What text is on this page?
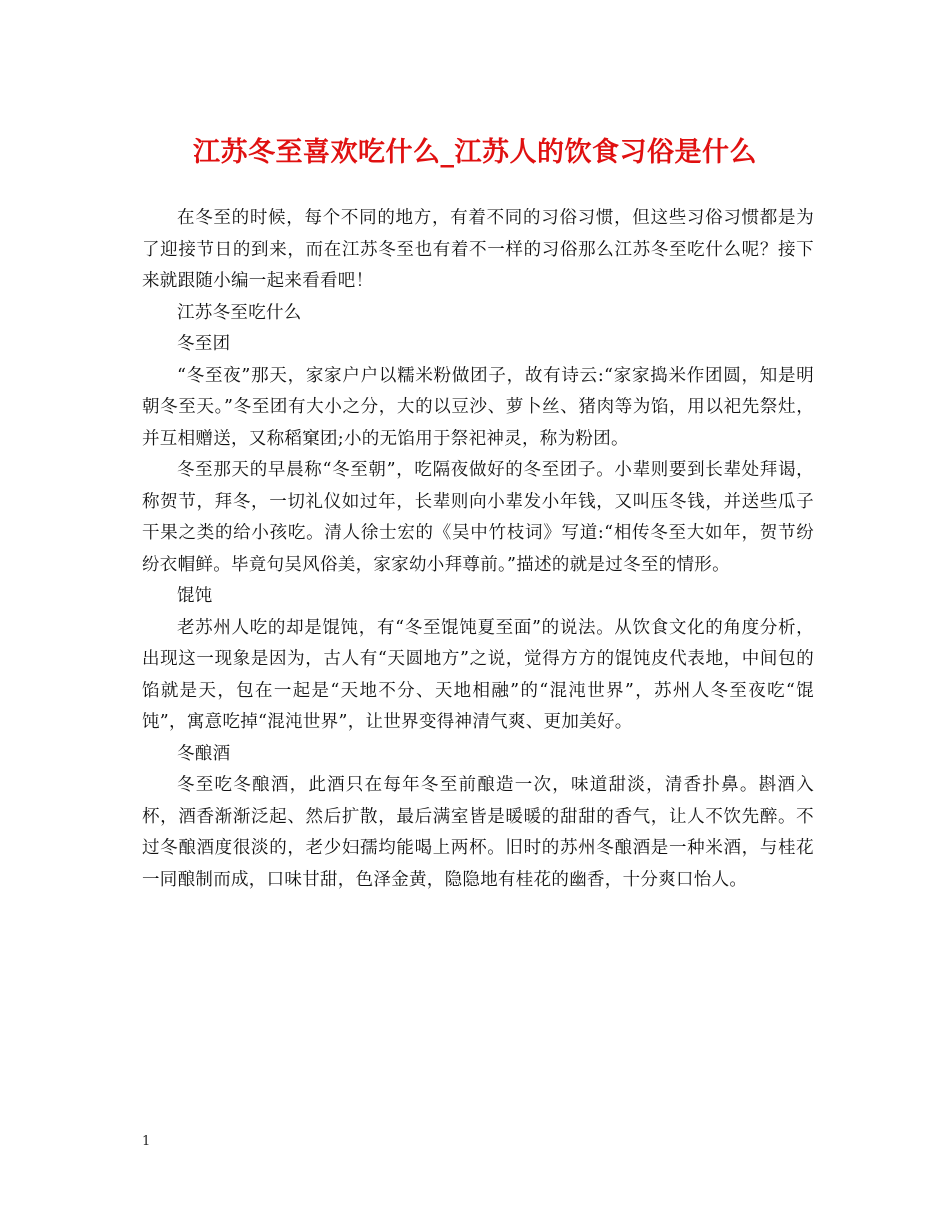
江苏冬至喜欢吃什么_江苏人的饮食习俗是什么

在冬至的时候，每个不同的地方，有着不同的习俗习惯，但这些习俗习惯都是为了迎接节日的到来，而在江苏冬至也有着不一样的习俗那么江苏冬至吃什么呢？接下来就跟随小编一起来看看吧！

江苏冬至吃什么

冬至团

“冬至夜”那天，家家户户以糯米粉做团子，故有诗云:“家家捣米作团圆，知是明朝冬至天。”冬至团有大小之分，大的以豆沙、萝卜丝、猪肉等为馅，用以祀先祭灶，并互相赠送，又称稻窠团;小的无馅用于祭祀神灵，称为粉团。

冬至那天的早晨称“冬至朝”，吃隔夜做好的冬至团子。小辈则要到长辈处拜谒，称贺节，拜冬，一切礼仪如过年，长辈则向小辈发小年钱，又叫压冬钱，并送些瓜子干果之类的给小孩吃。清人徐士宏的《吴中竹枝词》写道:“相传冬至大如年，贺节纷纷衣帽鲜。毕竟句吴风俗美，家家幼小拜尊前。”描述的就是过冬至的情形。

馄饨

老苏州人吃的却是馄饨，有“冬至馄饨夏至面”的说法。从饮食文化的角度分析，出现这一现象是因为，古人有“天圆地方”之说，觉得方方的馄饨皮代表地，中间包的馅就是天，包在一起是“天地不分、天地相融”的“混沌世界”，苏州人冬至夜吃“馄饨”，寓意吃掉“混沌世界”，让世界变得神清气爽、更加美好。

冬酿酒

冬至吃冬酿酒，此酒只在每年冬至前酿造一次，味道甜淡，清香扑鼻。斟酒入杯，酒香渐渐泛起、然后扩散，最后满室皆是暖暖的甜甜的香气，让人不饮先醉。不过冬酿酒度很淡的，老少妇孺均能喝上两杯。旧时的苏州冬酿酒是一种米酒，与桂花一同酿制而成，口味甘甜，色泽金黄，隐隐地有桂花的幽香，十分爽口怡人。

1
